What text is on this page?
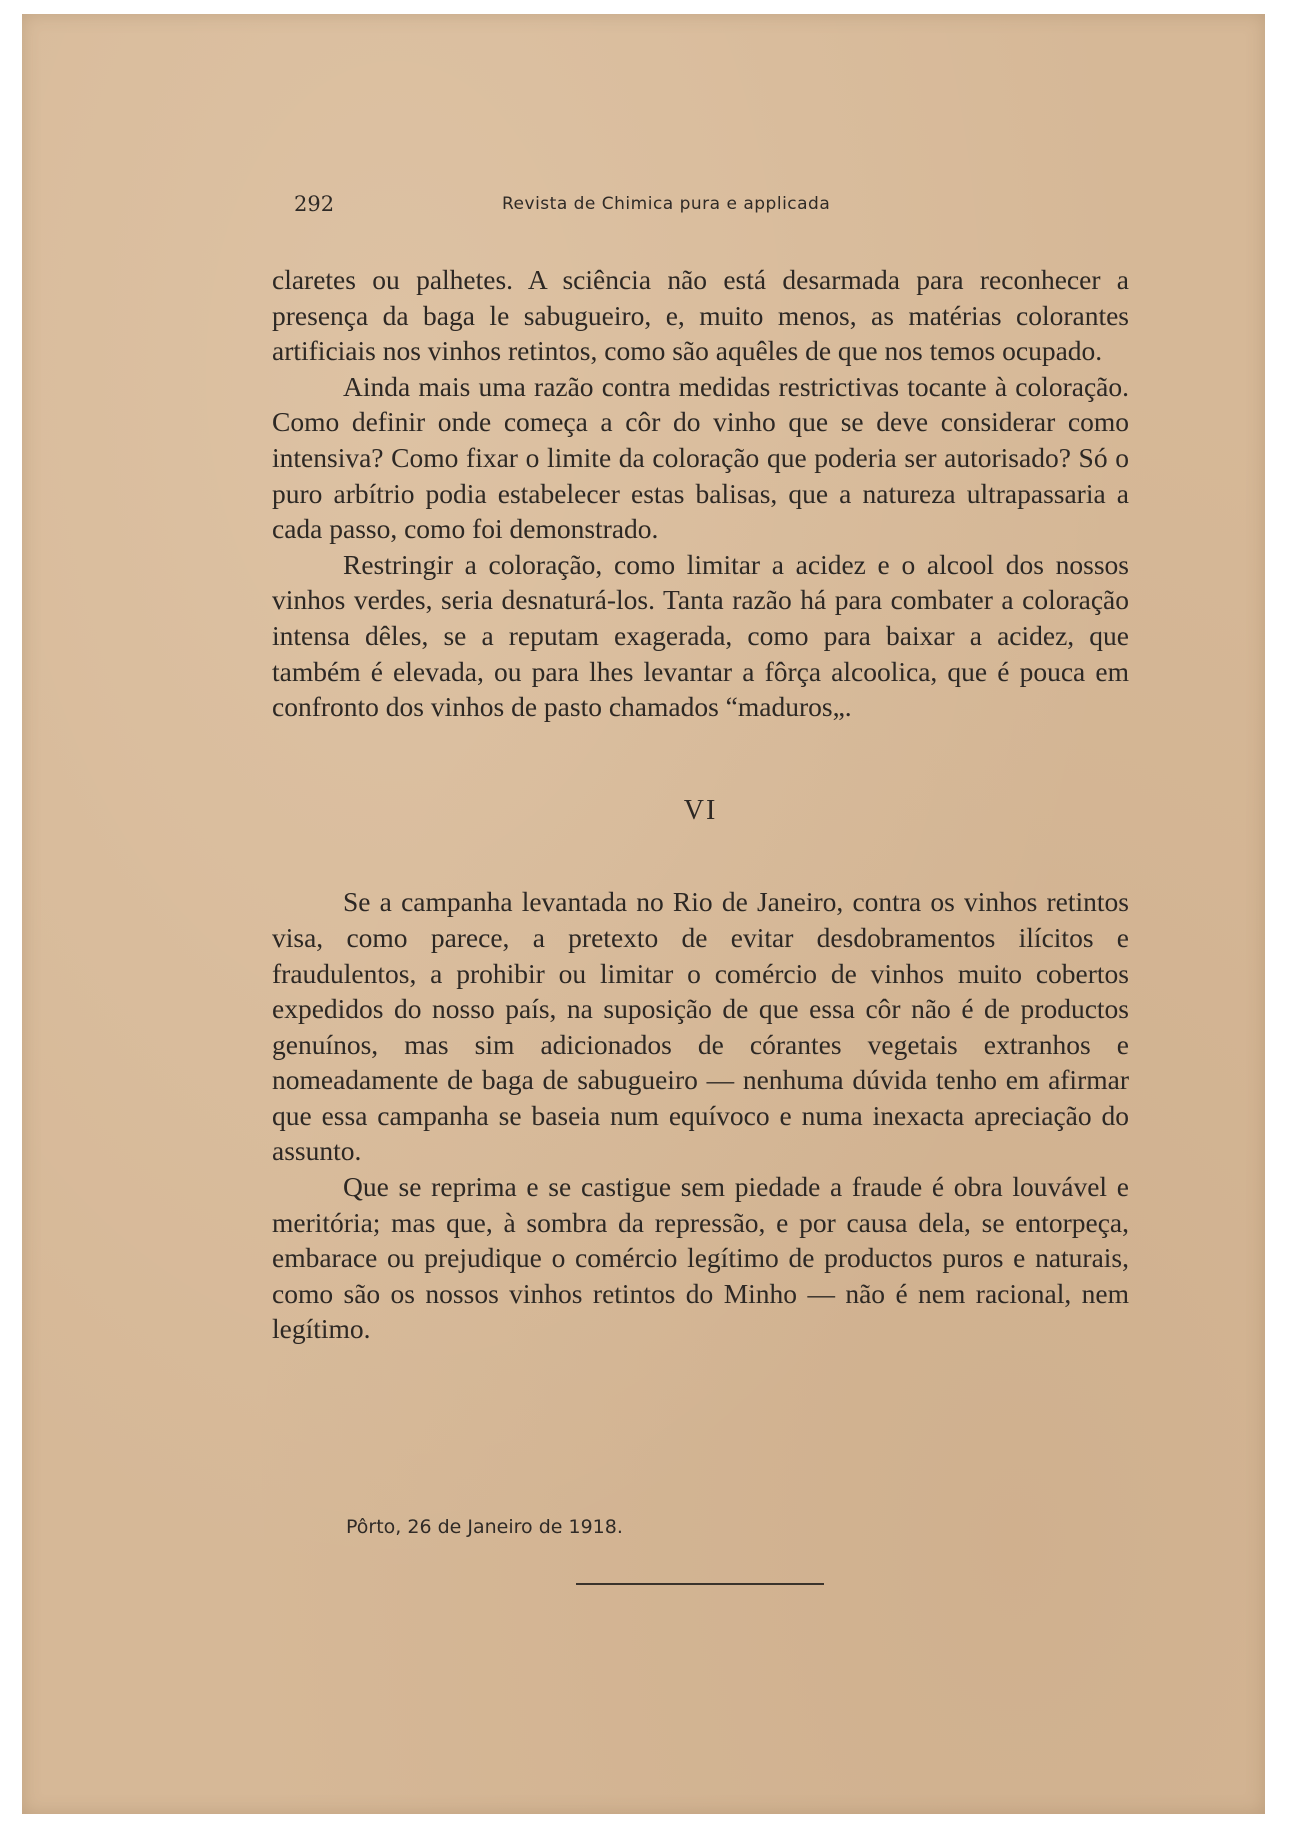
292	Revista de Chimica pura e applicada

claretes ou palhetes. A sciência não está desarmada para reconhecer a presença da baga le sabugueiro, e, muito menos, as matérias colorantes artificiais nos vinhos retintos, como são aquêles de que nos temos ocupado.

Ainda mais uma razão contra medidas restrictivas tocante à coloração. Como definir onde começa a côr do vinho que se deve considerar como intensiva? Como fixar o limite da coloração que poderia ser autorisado? Só o puro arbítrio podia estabelecer estas balisas, que a natureza ultrapassaria a cada passo, como foi demonstrado.

Restringir a coloração, como limitar a acidez e o alcool dos nossos vinhos verdes, seria desnaturá-los. Tanta razão há para combater a coloração intensa dêles, se a reputam exagerada, como para baixar a acidez, que também é elevada, ou para lhes levantar a fôrça alcoolica, que é pouca em confronto dos vinhos de pasto chamados “maduros„.

VI

Se a campanha levantada no Rio de Janeiro, contra os vinhos retintos visa, como parece, a pretexto de evitar desdobramentos ilícitos e fraudulentos, a prohibir ou limitar o comércio de vinhos muito cobertos expedidos do nosso país, na suposição de que essa côr não é de productos genuínos, mas sim adicionados de córantes vegetais extranhos e nomeadamente de baga de sabugueiro — nenhuma dúvida tenho em afirmar que essa campanha se baseia num equívoco e numa inexacta apreciação do assunto.

Que se reprima e se castigue sem piedade a fraude é obra louvável e meritória; mas que, à sombra da repressão, e por causa dela, se entorpeça, embarace ou prejudique o comércio legítimo de productos puros e naturais, como são os nossos vinhos retintos do Minho — não é nem racional, nem legítimo.

Pôrto, 26 de Janeiro de 1918.
